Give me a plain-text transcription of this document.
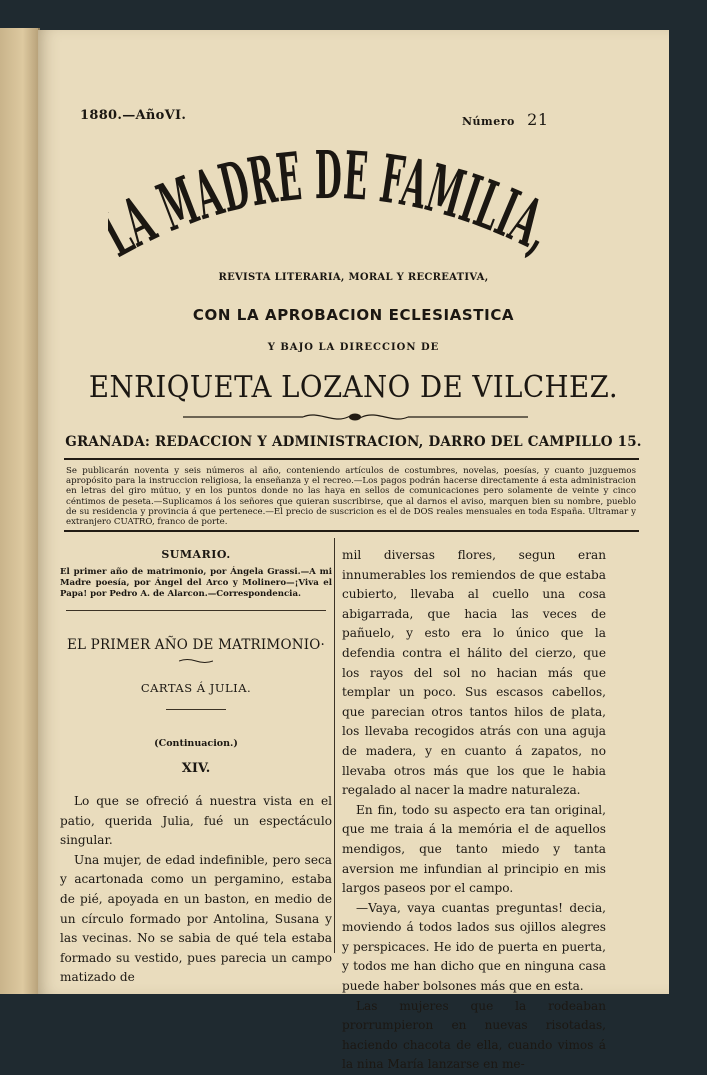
1880.—AñoVI.	Número 21
A MADRE DE FAMILI
REVISTA LITERARIA, MORAL Y RECREATIVA,
CON LA APROBACION ECLESIASTICA
Y BAJO LA DIRECCION DE
ENRIQUETA LOZANO DE VILCHEZ.
GRANADA: REDACCION Y ADMINISTRACION, DARRO DEL CAMPILLO 15.
Se publicarán noventa y seis números al año, conteniendo artículos de costumbres, novelas, poesías, y cuanto juzguemos apropósito para la instruccion religiosa, la enseñanza y el recreo.—Los pagos podrán hacerse directamente á esta administracion en letras del giro mútuo, y en los puntos donde no las haya en sellos de comunicaciones pero solamente de veinte y cinco céntimos de peseta.—Suplicamos á los señores que quieran suscribirse, que al darnos el aviso, marquen bien su nombre, pueblo de su residencia y provincia á que pertenece.—El precio de suscricion es el de DOS reales mensuales en toda España. Ultramar y extranjero CUATRO, franco de porte.
SUMARIO.
El primer año de matrimonio, por Ángela Grassi.—A mi Madre poesía, por Ángel del Arco y Molinero—¡Viva el Papa! por Pedro A. de Alarcon.—Correspondencia.
EL PRIMER AÑO DE MATRIMONIO·
CARTAS Á JULIA.
(Continuacion.)
XIV.

Lo que se ofreció á nuestra vista en el patio, querida Julia, fué un espectáculo singular.

Una mujer, de edad indefinible, pero seca y acartonada como un pergamino, estaba de pié, apoyada en un baston, en medio de un círculo formado por Antolina, Susana y las vecinas. No se sabia de qué tela estaba formado su vestido, pues parecia un campo matizado de

mil diversas flores, segun eran innumerables los remiendos de que estaba cubierto, llevaba al cuello una cosa abigarrada, que hacia las veces de pañuelo, y esto era lo único que la defendia contra el hálito del cierzo, que los rayos del sol no hacian más que templar un poco. Sus escasos cabellos, que parecian otros tantos hilos de plata, los llevaba recogidos atrás con una aguja de madera, y en cuanto á zapatos, no llevaba otros más que los que le habia regalado al nacer la madre naturaleza.

En fin, todo su aspecto era tan original, que me traia á la memória el de aquellos mendigos, que tanto miedo y tanta aversion me infundian al principio en mis largos paseos por el campo.

—Vaya, vaya cuantas preguntas! decia, moviendo á todos lados sus ojillos alegres y perspicaces. He ido de puerta en puerta, y todos me han dicho que en ninguna casa puede haber bolsones más que en esta.

Las mujeres que la rodeaban prorrumpieron en nuevas risotadas, haciendo chacota de ella, cuando vimos á la nina María lanzarse en me-
